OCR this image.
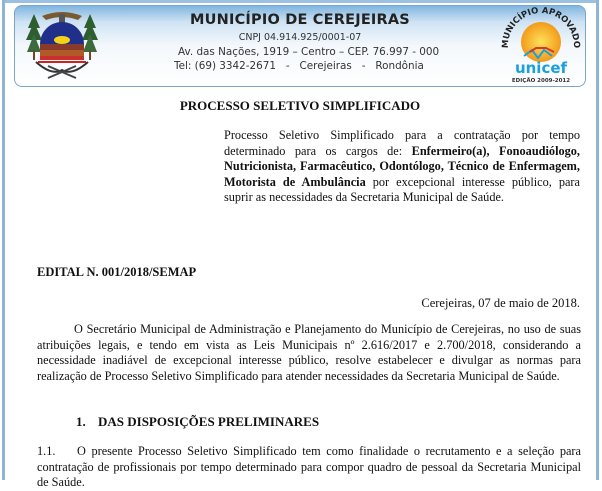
MUNICÍPIO DE CEREJEIRAS
CNPJ 04.914.925/0001-07
Av. das Nações, 1919 – Centro – CEP. 76.997 - 000
Tel: (69) 3342-2671   -   Cerejeiras   -   Rondônia
MUNICÍPIO APROVADO
unicef
EDIÇÃO 2009-2012
PROCESSO SELETIVO SIMPLIFICADO
Processo Seletivo Simplificado para a contratação por tempo determinado para os cargos de: Enfermeiro(a), Fonoaudiólogo, Nutricionista, Farmacêutico, Odontólogo, Técnico de Enfermagem, Motorista de Ambulância por excepcional interesse público, para suprir as necessidades da Secretaria Municipal de Saúde.
EDITAL N. 001/2018/SEMAP
Cerejeiras, 07 de maio de 2018.
O Secretário Municipal de Administração e Planejamento do Município de Cerejeiras, no uso de suas atribuições legais, e tendo em vista as Leis Municipais nº 2.616/2017 e 2.700/2018, considerando a necessidade inadiável de excepcional interesse público, resolve estabelecer e divulgar as normas para realização de Processo Seletivo Simplificado para atender necessidades da Secretaria Municipal de Saúde.
1. DAS DISPOSIÇÕES PRELIMINARES
1.1. O presente Processo Seletivo Simplificado tem como finalidade o recrutamento e a seleção para contratação de profissionais por tempo determinado para compor quadro de pessoal da Secretaria Municipal de Saúde.
